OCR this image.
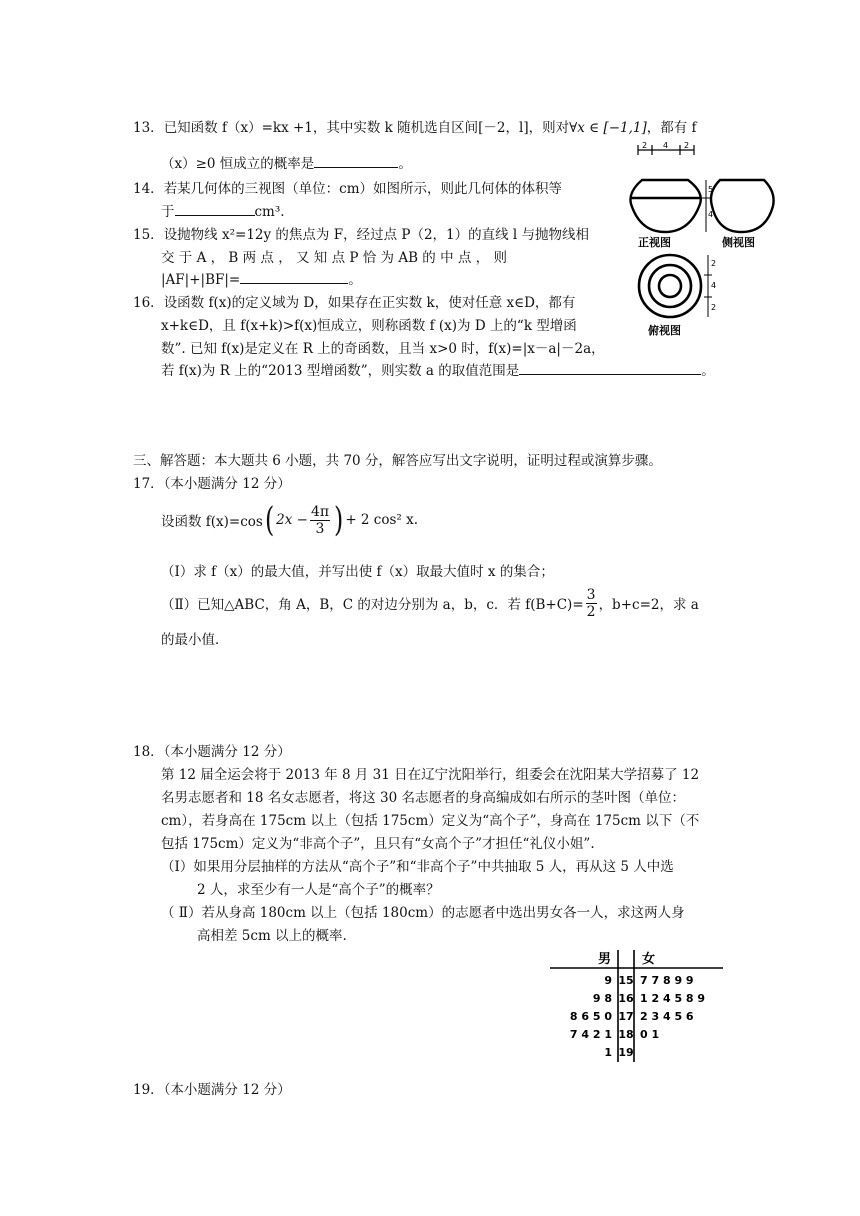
13．已知函数 f（x）=kx +1，其中实数 k 随机选自区间[－2，l]，则对∀x ∈ [−1,1]，都有 f
（x）≥0 恒成立的概率是	。
14．若某几何体的三视图（单位：cm）如图所示，则此几何体的体积等
于	cm³.
15．设抛物线 x²=12y 的焦点为 F，经过点 P（2，1）的直线 l 与抛物线相
交 于 A ， B 两 点 ， 又 知 点 P 恰 为 AB 的 中 点 ， 则
|AF|+|BF|=	。
16．设函数 f(x)的定义域为 D，如果存在正实数 k，使对任意 x∈D，都有
x+k∈D，且 f(x+k)>f(x)恒成立，则称函数 f (x)为 D 上的“k 型增函
数”. 已知 f(x)是定义在 R 上的奇函数，且当 x>0 时，f(x)=|x－a|－2a，
若 f(x)为 R 上的“2013 型增函数”，则实数 a 的取值范围是	。
2 4 2
5
4
正视图	侧视图
2
4
2
俯视图
三、解答题：本大题共 6 小题，共 70 分，解答应写出文字说明，证明过程或演算步骤。
17．（本小题满分 12 分）
设函数 f(x)=cos ( $2x - \frac{4\pi}{3}$ ) + 2 cos² x.
（Ⅰ）求 f（x）的最大值，并写出使 f（x）取最大值时 x 的集合；
（Ⅱ）已知△ABC，角 A，B，C 的对边分别为 a，b，c．若 $f(B+C)= \frac{3}{2}$ ，b+c=2，求 a
的最小值．
18．（本小题满分 12 分）
第 12 届全运会将于 2013 年 8 月 31 日在辽宁沈阳举行，组委会在沈阳某大学招募了 12
名男志愿者和 18 名女志愿者，将这 30 名志愿者的身高编成如右所示的茎叶图（单位：
cm），若身高在 175cm 以上（包括 175cm）定义为“高个子”，身高在 175cm 以下（不
包括 175cm）定义为“非高个子”，且只有“女高个子”才担任“礼仪小姐”.
（Ⅰ）如果用分层抽样的方法从“高个子”和“非高个子”中共抽取 5 人，再从这 5 人中选
2 人，求至少有一人是“高个子”的概率？
（ Ⅱ）若从身高 180cm 以上（包括 180cm）的志愿者中选出男女各一人，求这两人身
高相差 5cm 以上的概率.
男 女
9 15 7 7 8 9 9
9 8 16 1 2 4 5 8 9
8 6 5 0 17 2 3 4 5 6
7 4 2 1 18 0 1
1 19
19．（本小题满分 12 分）
